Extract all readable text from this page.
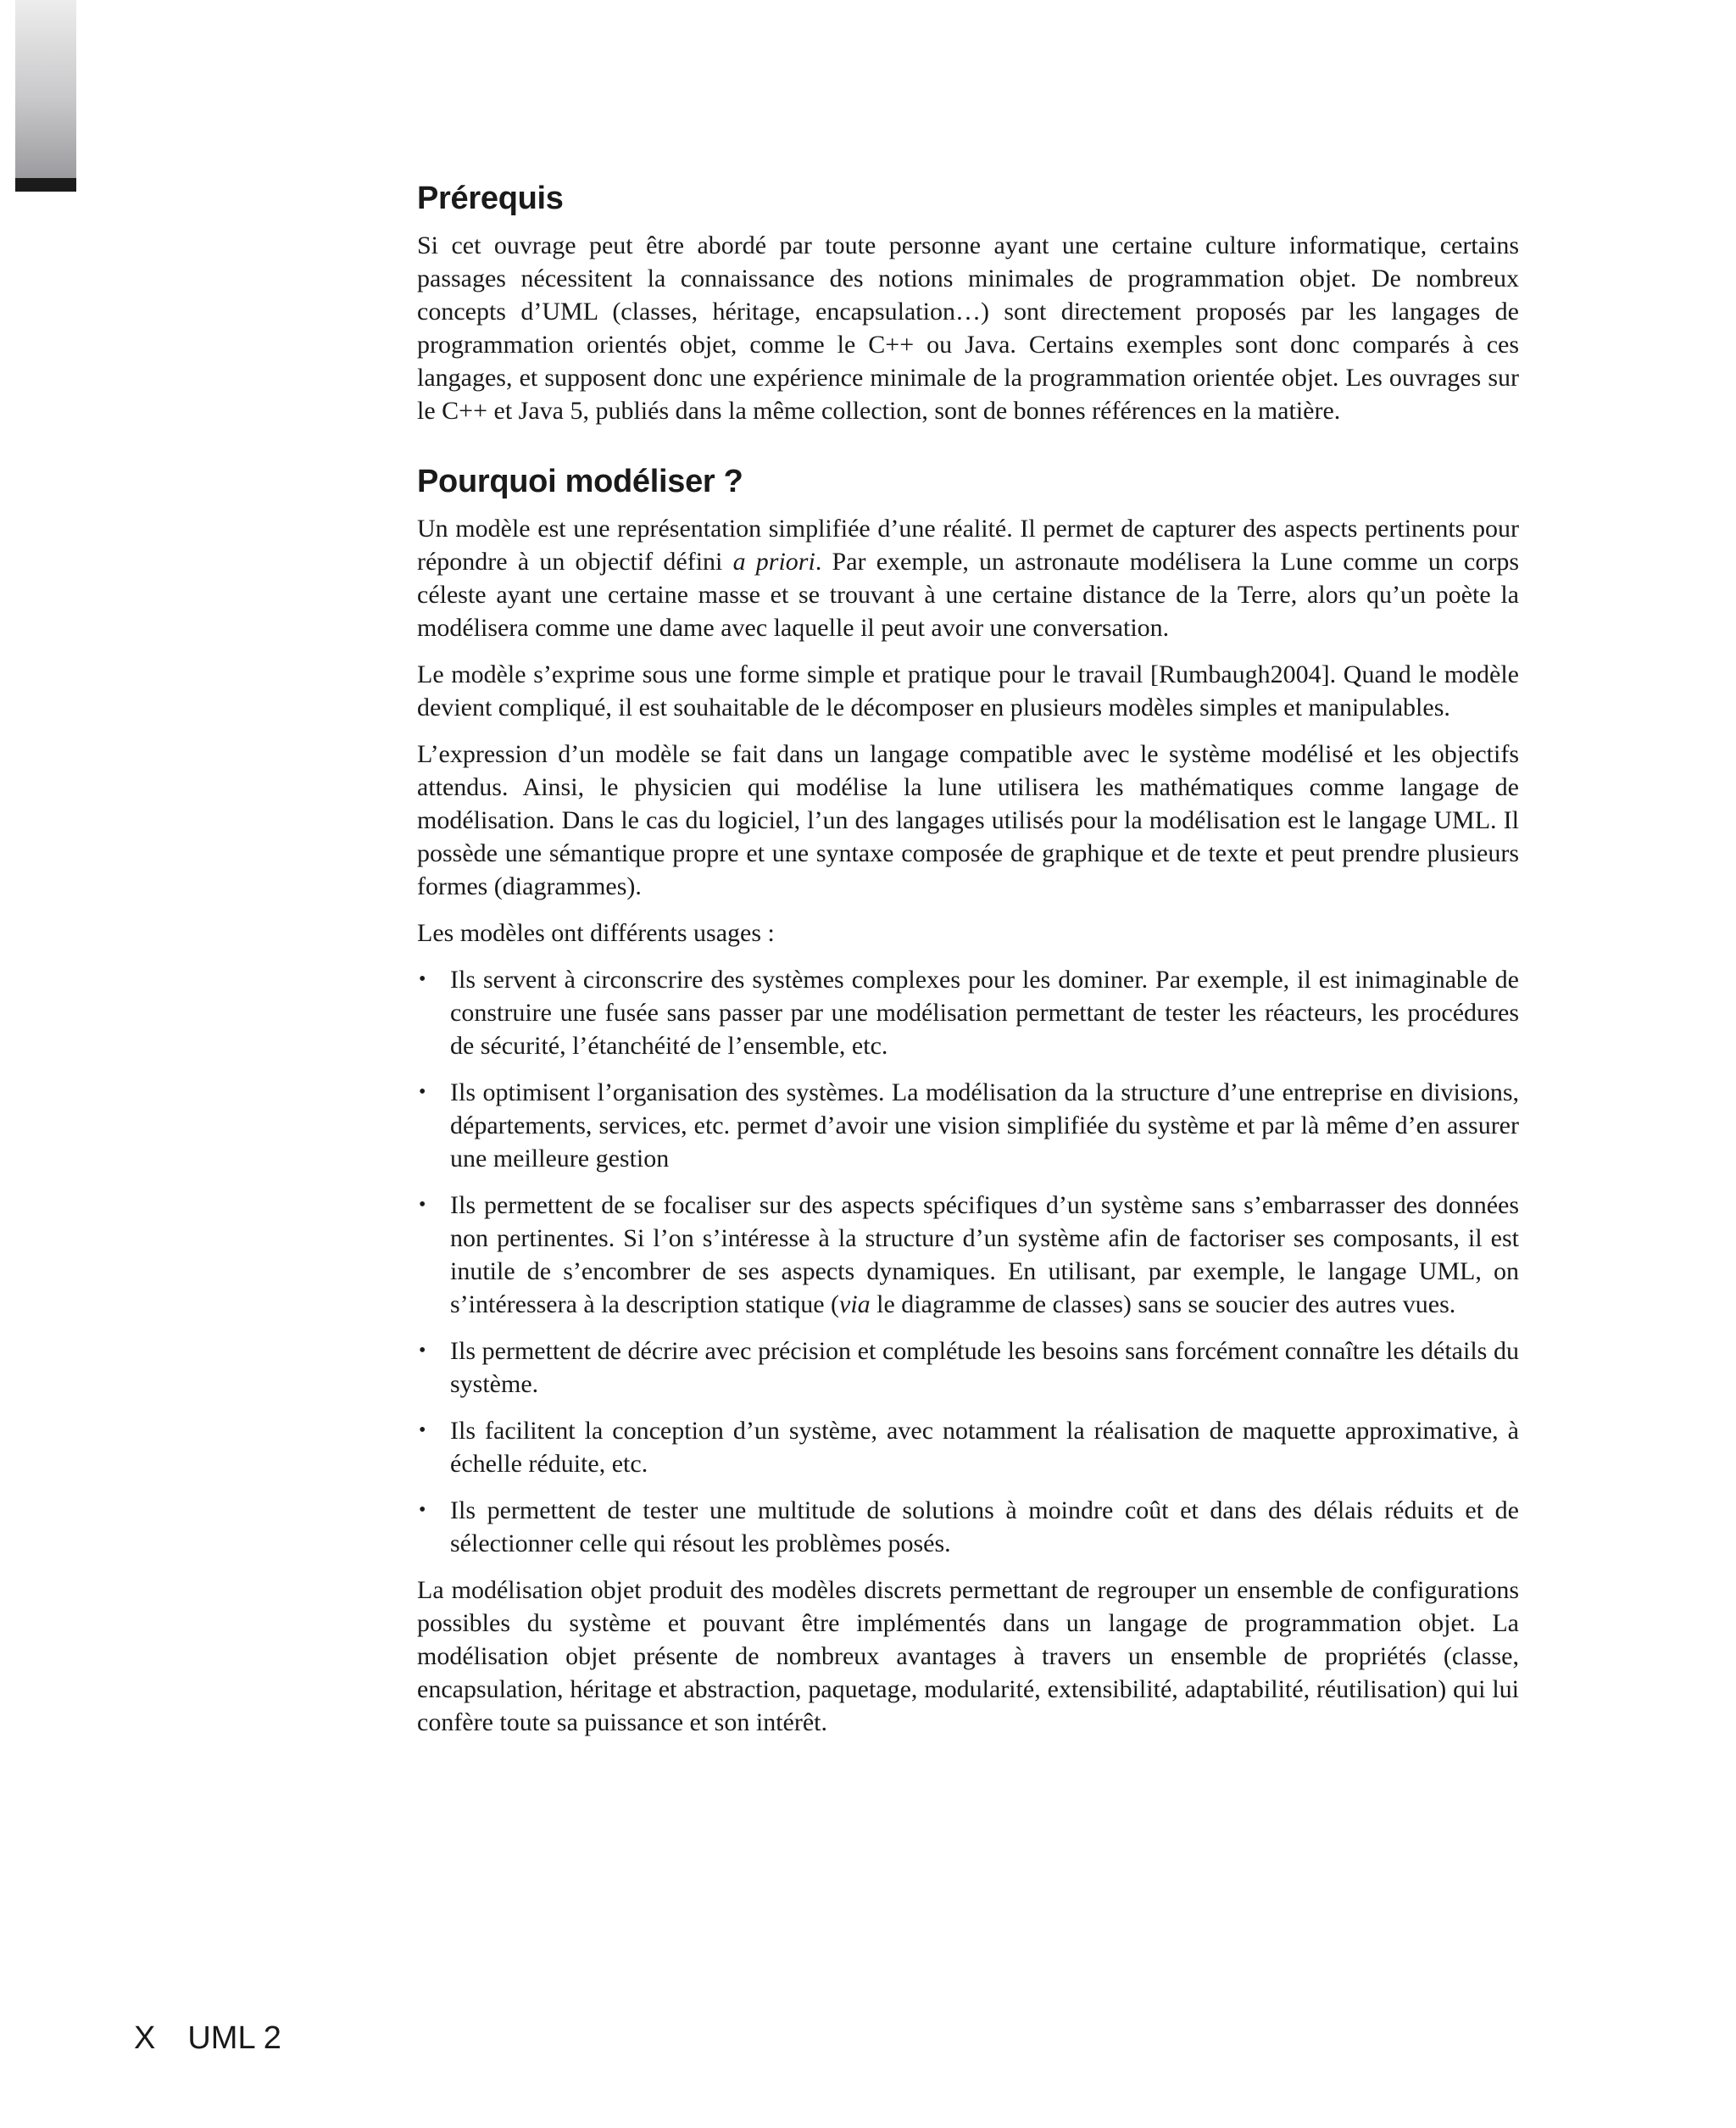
Prérequis

Si cet ouvrage peut être abordé par toute personne ayant une certaine culture informatique, certains passages nécessitent la connaissance des notions minimales de programmation objet. De nombreux concepts d’UML (classes, héritage, encapsulation…) sont directement proposés par les langages de programmation orientés objet, comme le C++ ou Java. Certains exemples sont donc comparés à ces langages, et supposent donc une expérience minimale de la programmation orientée objet. Les ouvrages sur le C++ et Java 5, publiés dans la même collection, sont de bonnes références en la matière.

Pourquoi modéliser ?

Un modèle est une représentation simplifiée d’une réalité. Il permet de capturer des aspects pertinents pour répondre à un objectif défini a priori. Par exemple, un astronaute modélisera la Lune comme un corps céleste ayant une certaine masse et se trouvant à une certaine distance de la Terre, alors qu’un poète la modélisera comme une dame avec laquelle il peut avoir une conversation.

Le modèle s’exprime sous une forme simple et pratique pour le travail [Rumbaugh2004]. Quand le modèle devient compliqué, il est souhaitable de le décomposer en plusieurs modèles simples et manipulables.

L’expression d’un modèle se fait dans un langage compatible avec le système modélisé et les objectifs attendus. Ainsi, le physicien qui modélise la lune utilisera les mathématiques comme langage de modélisation. Dans le cas du logiciel, l’un des langages utilisés pour la modélisation est le langage UML. Il possède une sémantique propre et une syntaxe composée de graphique et de texte et peut prendre plusieurs formes (diagrammes).

Les modèles ont différents usages :

• Ils servent à circonscrire des systèmes complexes pour les dominer. Par exemple, il est inimaginable de construire une fusée sans passer par une modélisation permettant de tester les réacteurs, les procédures de sécurité, l’étanchéité de l’ensemble, etc.
• Ils optimisent l’organisation des systèmes. La modélisation da la structure d’une entreprise en divisions, départements, services, etc. permet d’avoir une vision simplifiée du système et par là même d’en assurer une meilleure gestion
• Ils permettent de se focaliser sur des aspects spécifiques d’un système sans s’embarrasser des données non pertinentes. Si l’on s’intéresse à la structure d’un système afin de factoriser ses composants, il est inutile de s’encombrer de ses aspects dynamiques. En utilisant, par exemple, le langage UML, on s’intéressera à la description statique (via le diagramme de classes) sans se soucier des autres vues.
• Ils permettent de décrire avec précision et complétude les besoins sans forcément connaître les détails du système.
• Ils facilitent la conception d’un système, avec notamment la réalisation de maquette approximative, à échelle réduite, etc.
• Ils permettent de tester une multitude de solutions à moindre coût et dans des délais réduits et de sélectionner celle qui résout les problèmes posés.

La modélisation objet produit des modèles discrets permettant de regrouper un ensemble de configurations possibles du système et pouvant être implémentés dans un langage de programmation objet. La modélisation objet présente de nombreux avantages à travers un ensemble de propriétés (classe, encapsulation, héritage et abstraction, paquetage, modularité, extensibilité, adaptabilité, réutilisation) qui lui confère toute sa puissance et son intérêt.

X UML 2
